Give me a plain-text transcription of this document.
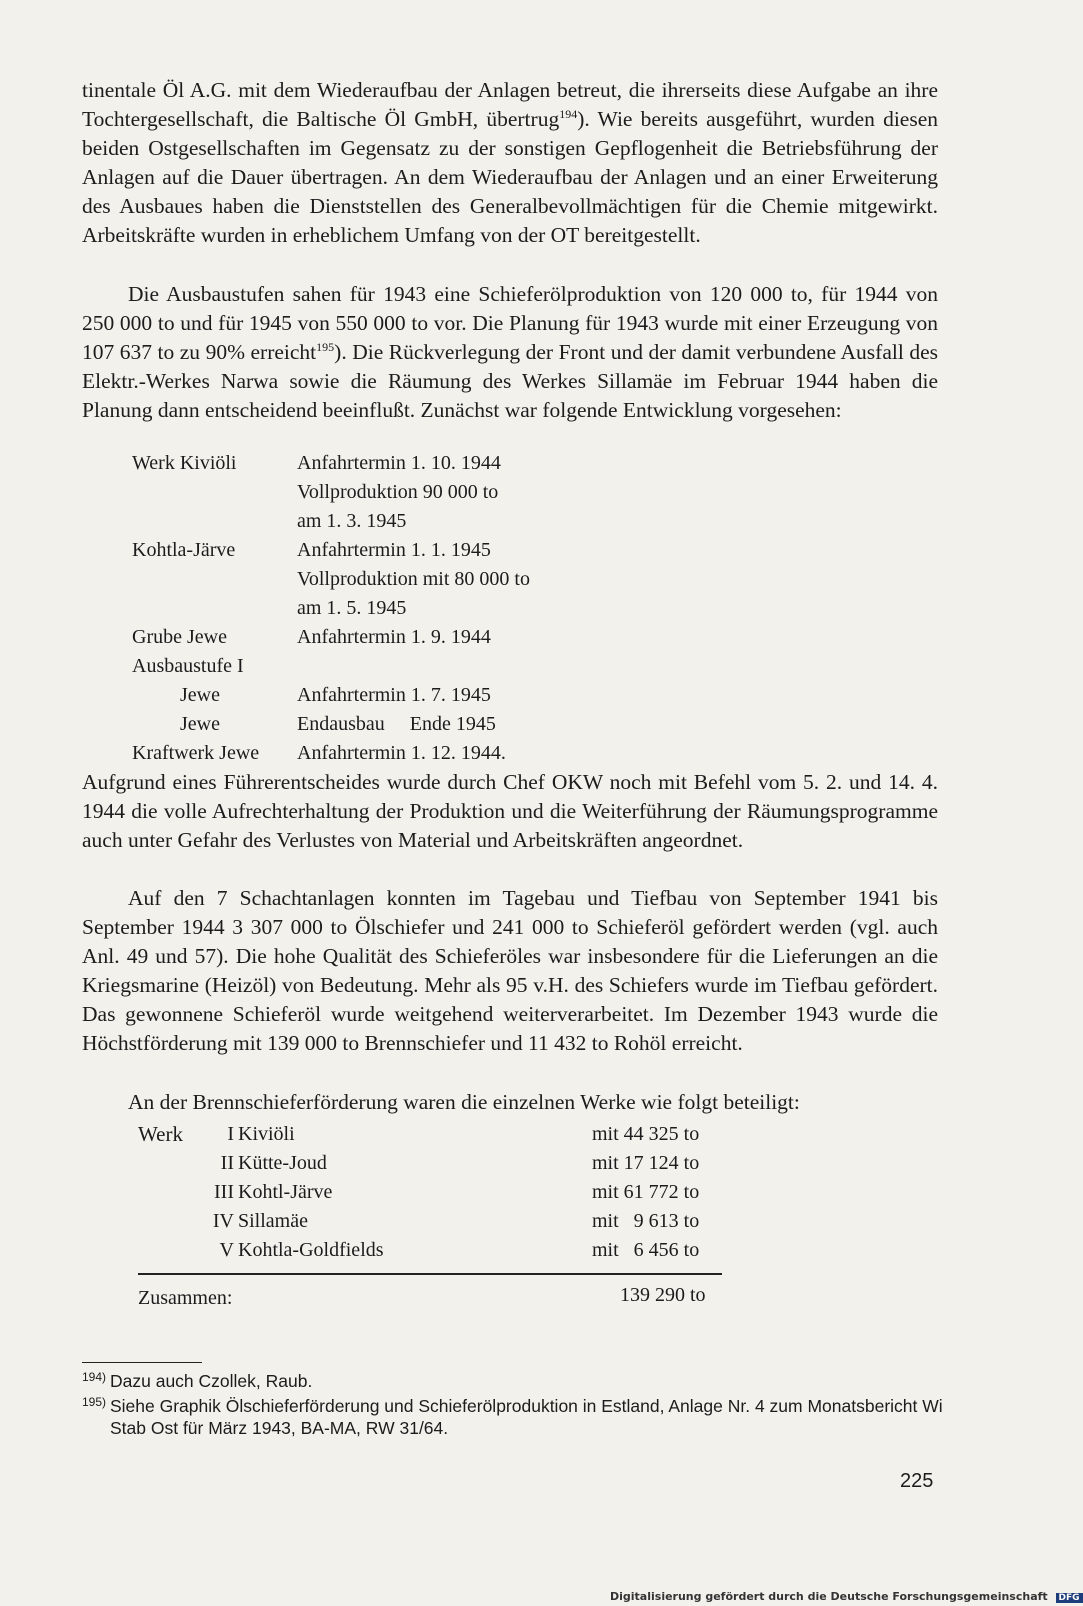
tinentale Öl A.G. mit dem Wiederaufbau der Anlagen betreut, die ihrerseits diese Aufgabe an ihre Tochtergesellschaft, die Baltische Öl GmbH, übertrug$^{194}$). Wie bereits ausgeführt, wurden diesen beiden Ostgesellschaften im Gegensatz zu der sonstigen Gepflogenheit die Betriebsführung der Anlagen auf die Dauer übertragen. An dem Wiederaufbau der Anlagen und an einer Erweiterung des Ausbaues haben die Dienststellen des Generalbevollmächtigen für die Chemie mitgewirkt. Arbeitskräfte wurden in erheblichem Umfang von der OT bereitgestellt.

Die Ausbaustufen sahen für 1943 eine Schieferölproduktion von 120 000 to, für 1944 von 250 000 to und für 1945 von 550 000 to vor. Die Planung für 1943 wurde mit einer Erzeugung von 107 637 to zu 90% erreicht$^{195}$). Die Rückverlegung der Front und der damit verbundene Ausfall des Elektr.-Werkes Narwa sowie die Räumung des Werkes Sillamäe im Februar 1944 haben die Planung dann entscheidend beeinflußt. Zunächst war folgende Entwicklung vorgesehen:

Werk Kiviöli	Anfahrtermin 1. 10. 1944
Vollproduktion 90 000 to
am 1. 3. 1945
Kohtla-Järve	Anfahrtermin 1. 1. 1945
Vollproduktion mit 80 000 to
am 1. 5. 1945
Grube Jewe	Anfahrtermin 1. 9. 1944
Ausbaustufe I
Jewe	Anfahrtermin 1. 7. 1945
Jewe	Endausbau     Ende 1945
Kraftwerk Jewe Anfahrtermin 1. 12. 1944.

Aufgrund eines Führerentscheides wurde durch Chef OKW noch mit Befehl vom 5. 2. und 14. 4. 1944 die volle Aufrechterhaltung der Produktion und die Weiterführung der Räumungsprogramme auch unter Gefahr des Verlustes von Material und Arbeitskräften angeordnet.

Auf den 7 Schachtanlagen konnten im Tagebau und Tiefbau von September 1941 bis September 1944 3 307 000 to Ölschiefer und 241 000 to Schieferöl gefördert werden (vgl. auch Anl. 49 und 57). Die hohe Qualität des Schieferöles war insbesondere für die Lieferungen an die Kriegsmarine (Heizöl) von Bedeutung. Mehr als 95 v.H. des Schiefers wurde im Tiefbau gefördert. Das gewonnene Schieferöl wurde weitgehend weiterverarbeitet. Im Dezember 1943 wurde die Höchstförderung mit 139 000 to Brennschiefer und 11 432 to Rohöl erreicht.

An der Brennschieferförderung waren die einzelnen Werke wie folgt beteiligt:

Werk	I Kiviöli	mit 44 325 to
II Kütte-Joud	mit 17 124 to
III Kohtl-Järve	mit 61 772 to
IV Sillamäe	mit   9 613 to
V Kohtla-Goldfields	mit   6 456 to
Zusammen:	139 290 to
194) Dazu auch Czollek, Raub.
195) Siehe Graphik Ölschieferförderung und Schieferölproduktion in Estland, Anlage Nr. 4 zum Monatsbericht Wi Stab Ost für März 1943, BA-MA, RW 31/64.
225
Digitalisierung gefördert durch die Deutsche Forschungsgemeinschaft DFG
